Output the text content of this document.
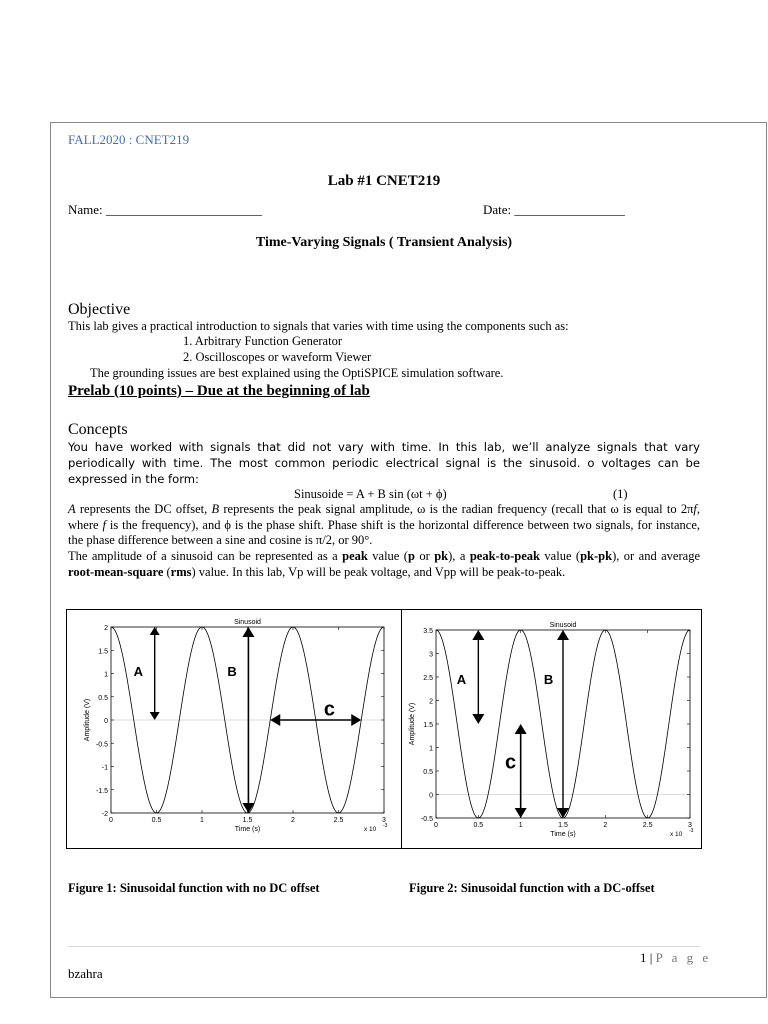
FALL2020 : CNET219
Lab #1 CNET219
Name: ________________________	Date: _________________
Time-Varying Signals ( Transient Analysis)
Objective
This lab gives a practical introduction to signals that varies with time using the components such as:
1. Arbitrary Function Generator
2. Oscilloscopes or waveform Viewer
The grounding issues are best explained using the OptiSPICE simulation software.
Prelab (10 points) – Due at the beginning of lab
Concepts
You have worked with signals that did not vary with time. In this lab, we’ll analyze signals that vary periodically with time. The most common periodic electrical signal is the sinusoid. o voltages can be expressed in the form:
Sinusoide = A + B sin (ωt + ϕ)	(1)
A represents the DC offset, B represents the peak signal amplitude, ω is the radian frequency (recall that ω is equal to 2πf, where f is the frequency), and ϕ is the phase shift. Phase shift is the horizontal difference between two signals, for instance, the phase difference between a sine and cosine is π/2, or 90°.
The amplitude of a sinusoid can be represented as a peak value (p or pk), a peak-to-peak value (pk-pk), or and average root-mean-square (rms) value. In this lab, Vp will be peak voltage, and Vpp will be peak-to-peak.
2
1.5
1
0.5
0
-0.5
-1
-1.5
-2
0	0.5	1	1.5	2	2.5	3
Sinusoid
Time (s)
Amplitude (V)
x 10 -3
A	B
c
3.5
3
2.5
2
1.5
1
0.5
0
-0.5
0	0.5	1	1.5	2	2.5	3
Sinusoid
Time (s)
Amplitude (V)
x 10 -3
A	B
c
Figure 1: Sinusoidal function with no DC offset	Figure 2: Sinusoidal function with a DC-offset
1 | P a g e
bzahra
